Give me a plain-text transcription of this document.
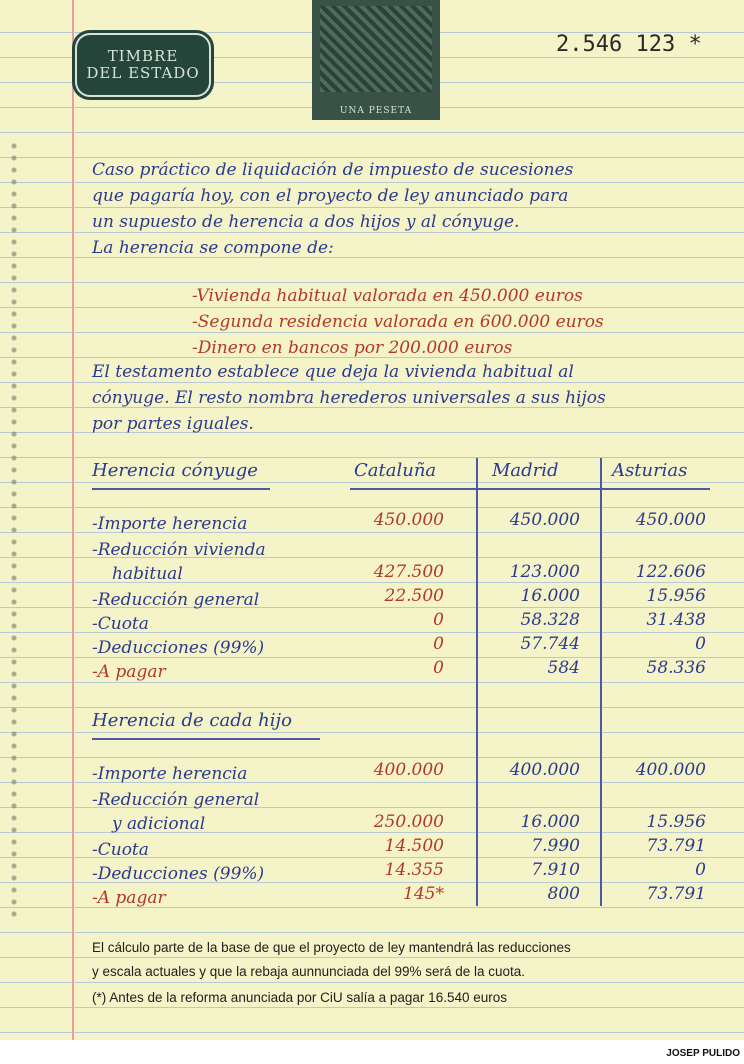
TIMBRE
DEL ESTADO
UNA PESETA
2.546 123 *
Caso práctico de liquidación de impuesto de sucesiones
que pagaría hoy, con el proyecto de ley anunciado para
un supuesto de herencia a dos hijos y al cónyuge.
La herencia se compone de:
-Vivienda habitual valorada en 450.000 euros
-Segunda residencia valorada en 600.000 euros
-Dinero en bancos por 200.000 euros
El testamento establece que deja la vivienda habitual al
cónyuge. El resto nombra herederos universales a sus hijos
por partes iguales.
Herencia cónyuge	Cataluña	Madrid	Asturias
-Importe herencia	450.000	450.000	450.000
-Reducción vivienda
habitual	427.500	123.000	122.606
-Reducción general	22.500	16.000	15.956
-Cuota	0	58.328	31.438
-Deducciones (99%)	0	57.744	0
-A pagar	0	584	58.336
Herencia de cada hijo
-Importe herencia	400.000	400.000	400.000
-Reducción general
y adicional	250.000	16.000	15.956
-Cuota	14.500	7.990	73.791
-Deducciones (99%)	14.355	7.910	0
-A pagar	145*	800	73.791
El cálculo parte de la base de que el proyecto de ley mantendrá las reducciones
y escala actuales y que la rebaja aunnunciada del 99% será de la cuota.
(*) Antes de la reforma anunciada por CiU salía a pagar 16.540 euros
JOSEP PULIDO
